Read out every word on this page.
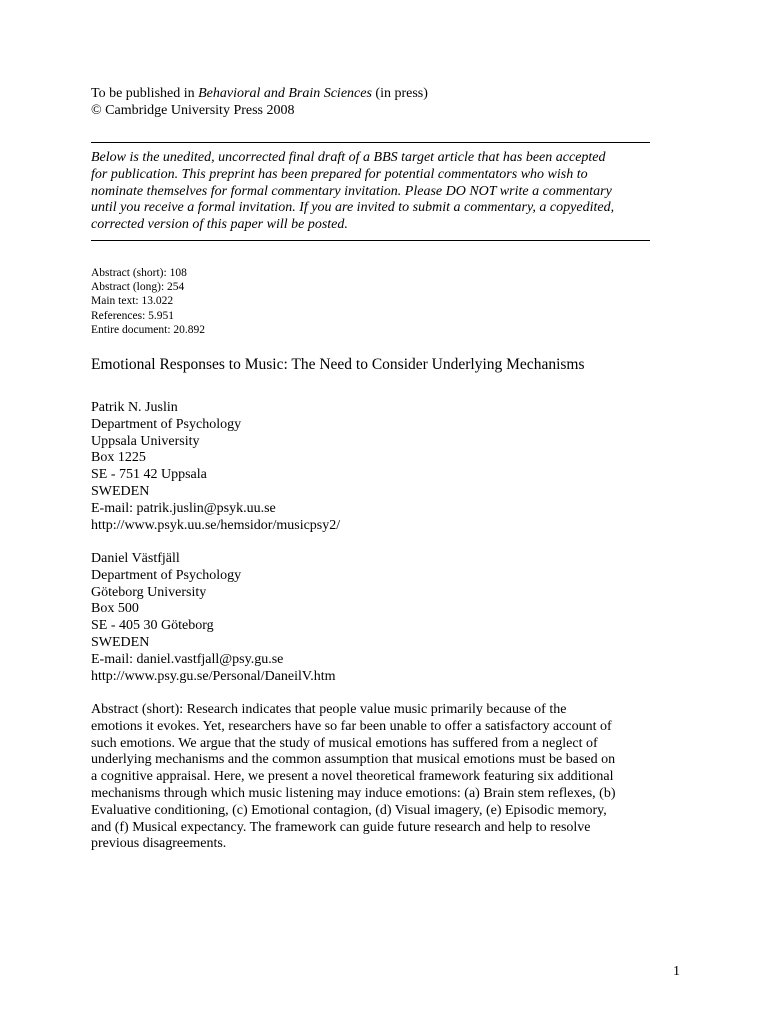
To be published in Behavioral and Brain Sciences (in press)
© Cambridge University Press 2008
Below is the unedited, uncorrected final draft of a BBS target article that has been accepted
for publication. This preprint has been prepared for potential commentators who wish to
nominate themselves for formal commentary invitation. Please DO NOT write a commentary
until you receive a formal invitation. If you are invited to submit a commentary, a copyedited,
corrected version of this paper will be posted.
Abstract (short): 108
Abstract (long): 254
Main text: 13.022
References: 5.951
Entire document: 20.892
Emotional Responses to Music: The Need to Consider Underlying Mechanisms
Patrik N. Juslin
Department of Psychology
Uppsala University
Box 1225
SE - 751 42 Uppsala
SWEDEN
E-mail: patrik.juslin@psyk.uu.se
http://www.psyk.uu.se/hemsidor/musicpsy2/
Daniel Västfjäll
Department of Psychology
Göteborg University
Box 500
SE - 405 30 Göteborg
SWEDEN
E-mail: daniel.vastfjall@psy.gu.se
http://www.psy.gu.se/Personal/DaneilV.htm
Abstract (short): Research indicates that people value music primarily because of the
emotions it evokes. Yet, researchers have so far been unable to offer a satisfactory account of
such emotions. We argue that the study of musical emotions has suffered from a neglect of
underlying mechanisms and the common assumption that musical emotions must be based on
a cognitive appraisal. Here, we present a novel theoretical framework featuring six additional
mechanisms through which music listening may induce emotions: (a) Brain stem reflexes, (b)
Evaluative conditioning, (c) Emotional contagion, (d) Visual imagery, (e) Episodic memory,
and (f) Musical expectancy. The framework can guide future research and help to resolve
previous disagreements.
1
